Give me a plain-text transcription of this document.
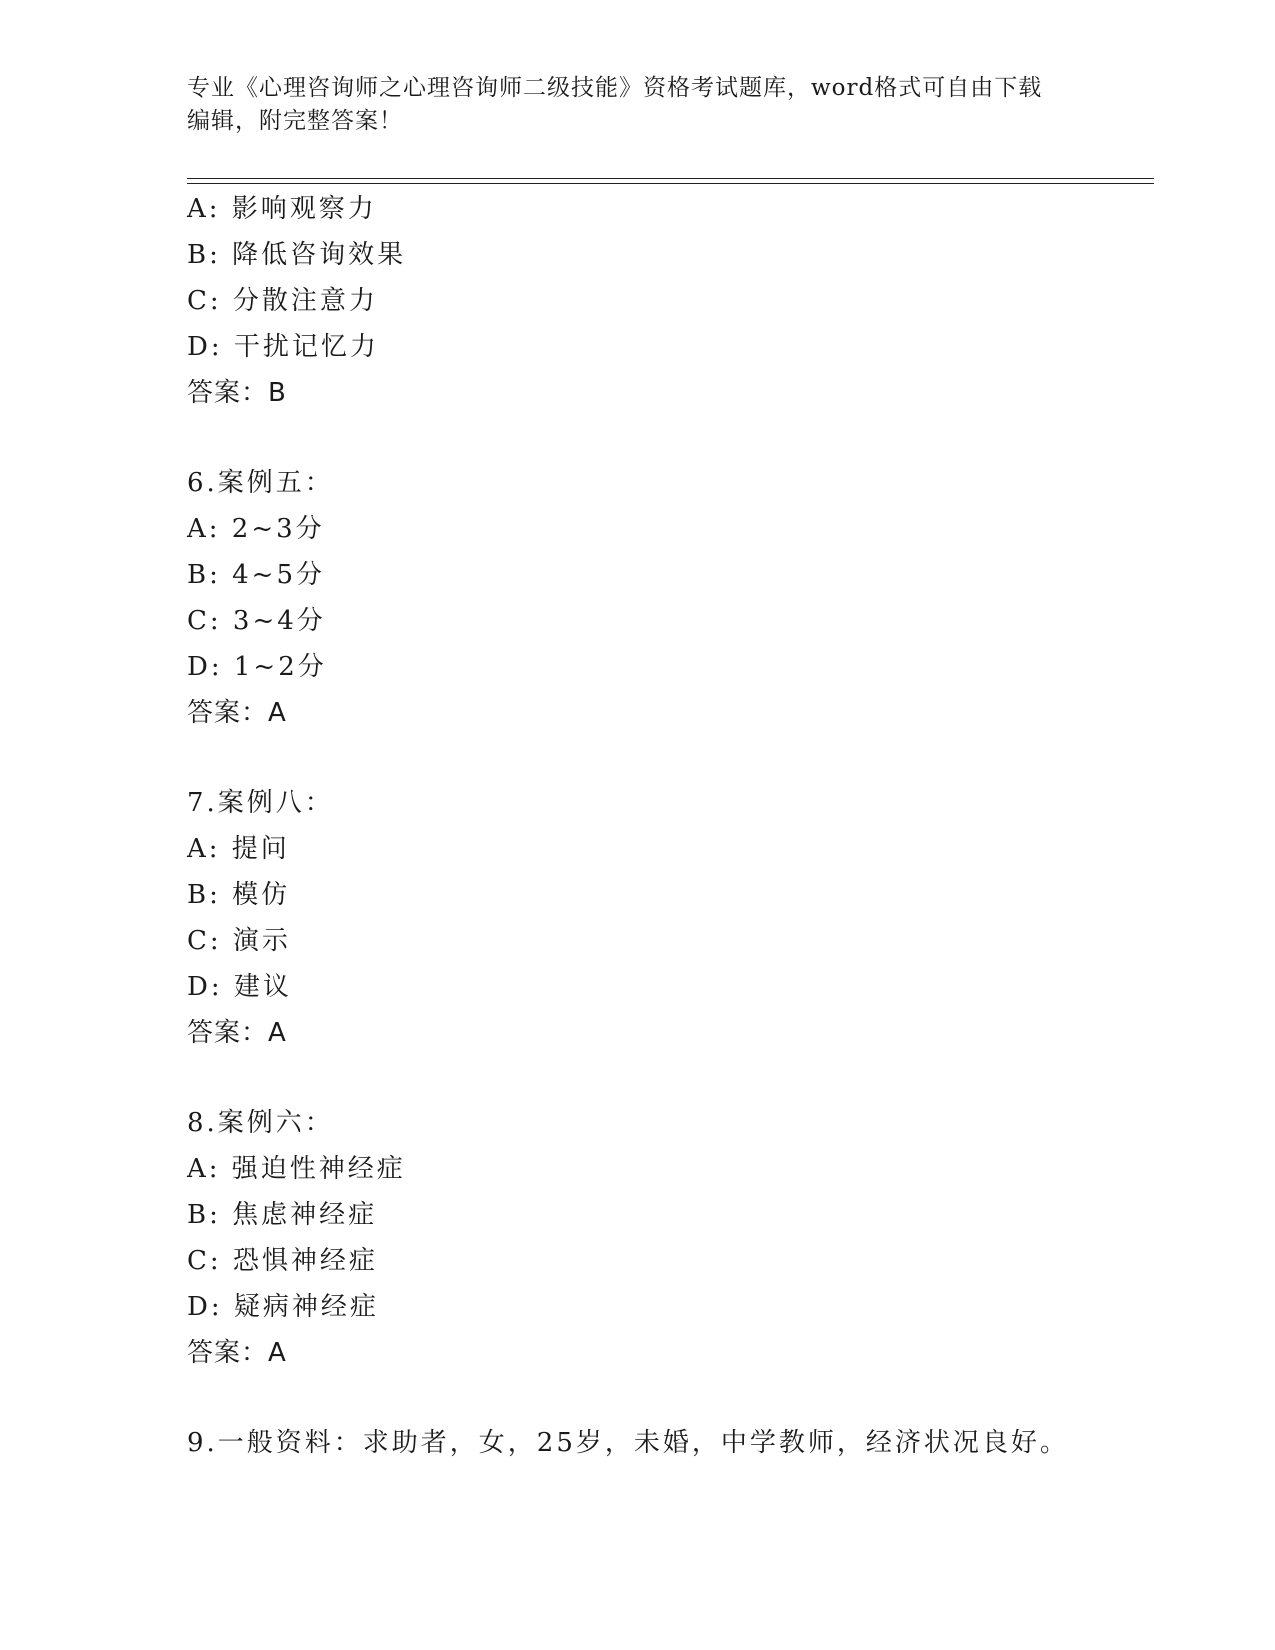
专业《心理咨询师之心理咨询师二级技能》资格考试题库，word格式可自由下载
编辑，附完整答案！
A: 影响观察力
B: 降低咨询效果
C: 分散注意力
D: 干扰记忆力
答案：B
6.案例五：
A: 2~3分
B: 4~5分
C: 3~4分
D: 1~2分
答案：A
7.案例八：
A: 提问
B: 模仿
C: 演示
D: 建议
答案：A
8.案例六：
A: 强迫性神经症
B: 焦虑神经症
C: 恐惧神经症
D: 疑病神经症
答案：A
9.一般资料：求助者，女，25岁，未婚，中学教师，经济状况良好。
